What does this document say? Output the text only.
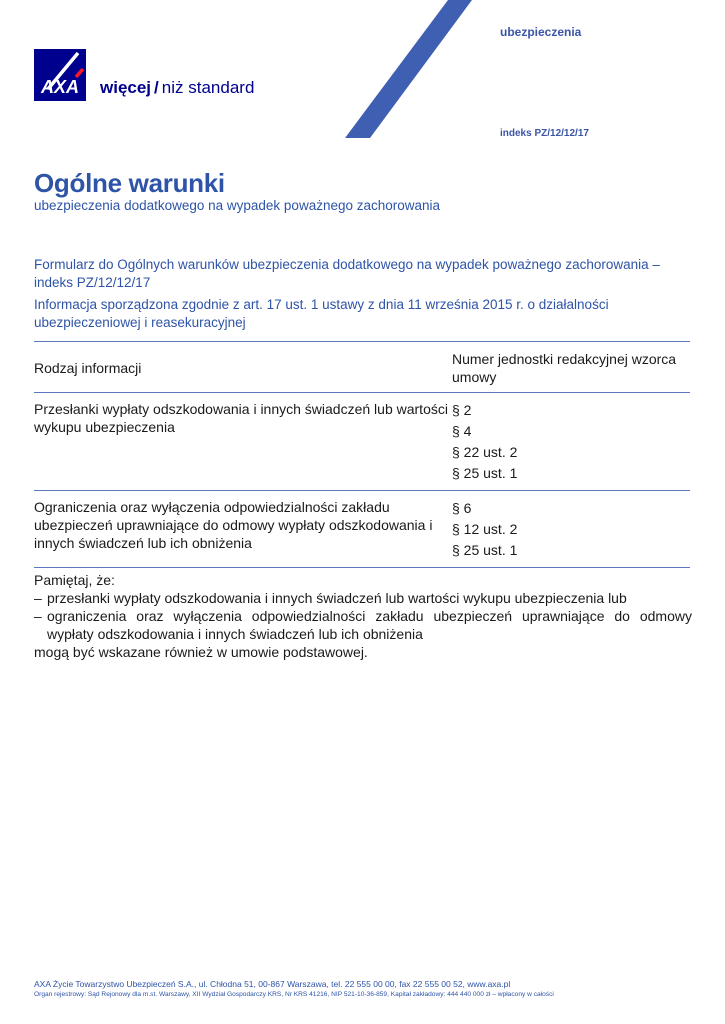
AXA więcej / niż standard
ubezpieczenia
indeks PZ/12/12/17
Ogólne warunki
ubezpieczenia dodatkowego na wypadek poważnego zachorowania

Formularz do Ogólnych warunków ubezpieczenia dodatkowego na wypadek poważnego zachorowania – indeks PZ/12/12/17

Informacja sporządzona zgodnie z art. 17 ust. 1 ustawy z dnia 11 września 2015 r. o działalności ubezpieczeniowej i reasekuracyjnej

Rodzaj informacji
Numer jednostki redakcyjnej wzorca umowy
Przesłanki wypłaty odszkodowania i innych świadczeń lub wartości wykupu ubezpieczenia
§ 2
§ 4
§ 22 ust. 2
§ 25 ust. 1
Ograniczenia oraz wyłączenia odpowiedzialności zakładu ubezpieczeń uprawniające do odmowy wypłaty odszkodowania i innych świadczeń lub ich obniżenia
§ 6
§ 12 ust. 2
§ 25 ust. 1

Pamiętaj, że:

– przesłanki wypłaty odszkodowania i innych świadczeń lub wartości wykupu ubezpieczenia lub

– ograniczenia oraz wyłączenia odpowiedzialności zakładu ubezpieczeń uprawniające do odmowy wypłaty odszkodowania i innych świadczeń lub ich obniżenia

mogą być wskazane również w umowie podstawowej.

AXA Życie Towarzystwo Ubezpieczeń S.A., ul. Chłodna 51, 00-867 Warszawa, tel. 22 555 00 00, fax 22 555 00 52, www.axa.pl
Organ rejestrowy: Sąd Rejonowy dla m.st. Warszawy, XII Wydział Gospodarczy KRS, Nr KRS 41216, NIP 521-10-36-859, Kapitał zakładowy: 444 440 000 zł – wpłacony w całości
